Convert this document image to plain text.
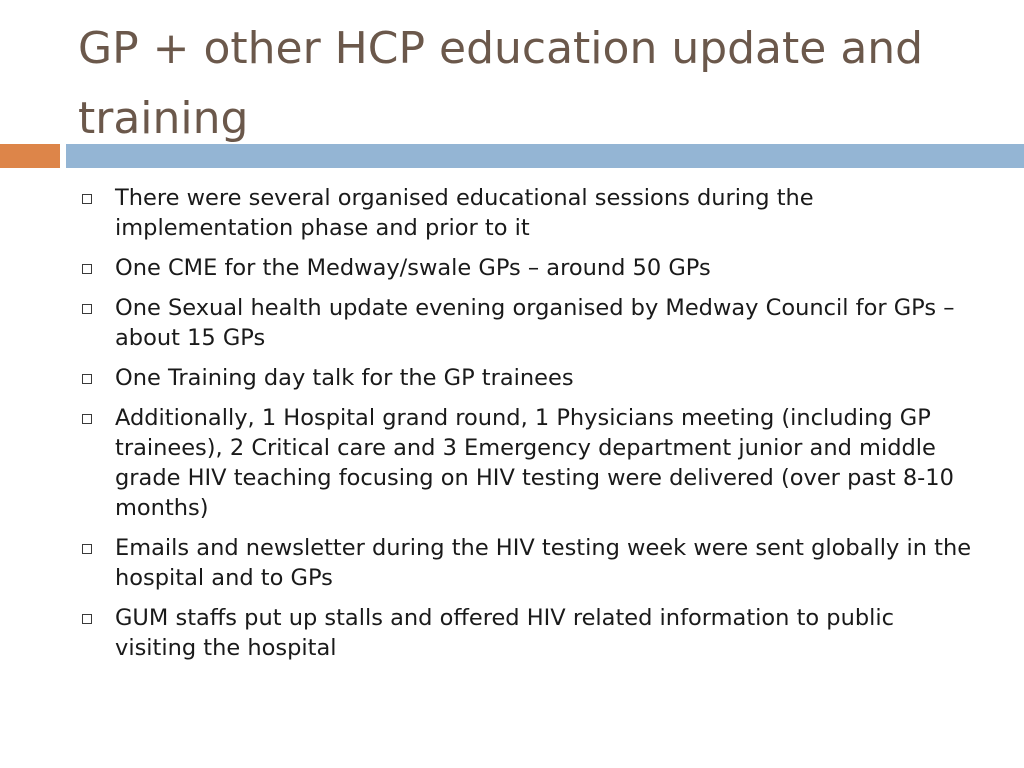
GP + other HCP education update and training
There were several organised educational sessions during the implementation phase and prior to it
One CME for the Medway/swale GPs – around 50 GPs
One Sexual health update evening organised by Medway Council for GPs – about 15 GPs
One Training day talk for the GP trainees
Additionally, 1 Hospital grand round, 1 Physicians meeting (including GP trainees), 2 Critical care and 3 Emergency department junior and middle grade HIV teaching focusing on HIV testing were delivered (over past 8-10 months)
Emails and newsletter during the HIV testing week were sent globally in the hospital and to GPs
GUM staffs put up stalls and offered HIV related information to public visiting the hospital
